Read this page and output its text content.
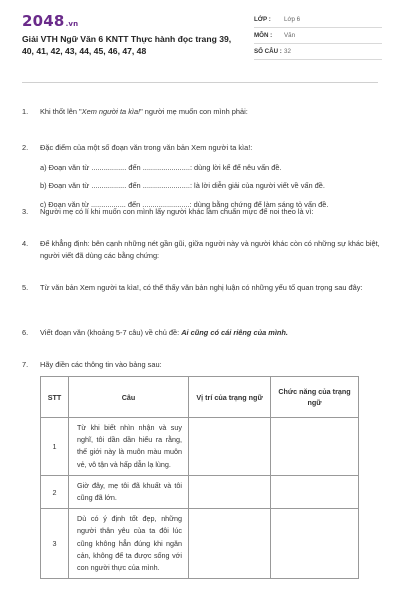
2048.vn
Giải VTH Ngữ Văn 6 KNTT Thực hành đọc trang 39, 40, 41, 42, 43, 44, 45, 46, 47, 48
LỚP : Lớp 6
MÔN : Văn
SỐ CÂU : 32
1. Khi thốt lên "Xem người ta kìa!" người mẹ muốn con mình phải:
2. Đặc điểm của một số đoạn văn trong văn bản Xem người ta kìa!:
a) Đoạn văn từ ................. đến .......................: dùng lời kể để nêu vấn đề.
b) Đoạn văn từ ................. đến .......................: là lời diễn giải của người viết về vấn đề.
c) Đoạn văn từ ................. đến .......................: dùng bằng chứng để làm sáng tỏ vấn đề.
3. Người mẹ có lí khi muốn con mình lấy người khác làm chuẩn mực để noi theo là vì:
4. Để khẳng định: bên cạnh những nét gần gũi, giữa người này và người khác còn có những sự khác biệt, người viết đã dùng các bằng chứng:
5. Từ văn bản Xem người ta kìa!, có thể thấy văn bản nghị luận có những yếu tố quan trọng sau đây:
6. Viết đoạn văn (khoảng 5-7 câu) về chủ đề: Ai cũng có cái riêng của mình.
7. Hãy điền các thông tin vào bảng sau:
STT	Câu	Vị trí của trạng ngữ	Chức năng của trạng ngữ
1	Từ khi biết nhìn nhận và suy nghĩ, tôi dần dần hiểu ra rằng, thế giới này là muôn màu muôn vẻ, vô tận và hấp dẫn lạ lùng.		
2	Giờ đây, mẹ tôi đã khuất và tôi cũng đã lớn.		
3	Dù có ý định tốt đẹp, những người thân yêu của ta đôi lúc cũng không hẳn đúng khi ngăn cản, không để ta được sống với con người thực của mình.		
